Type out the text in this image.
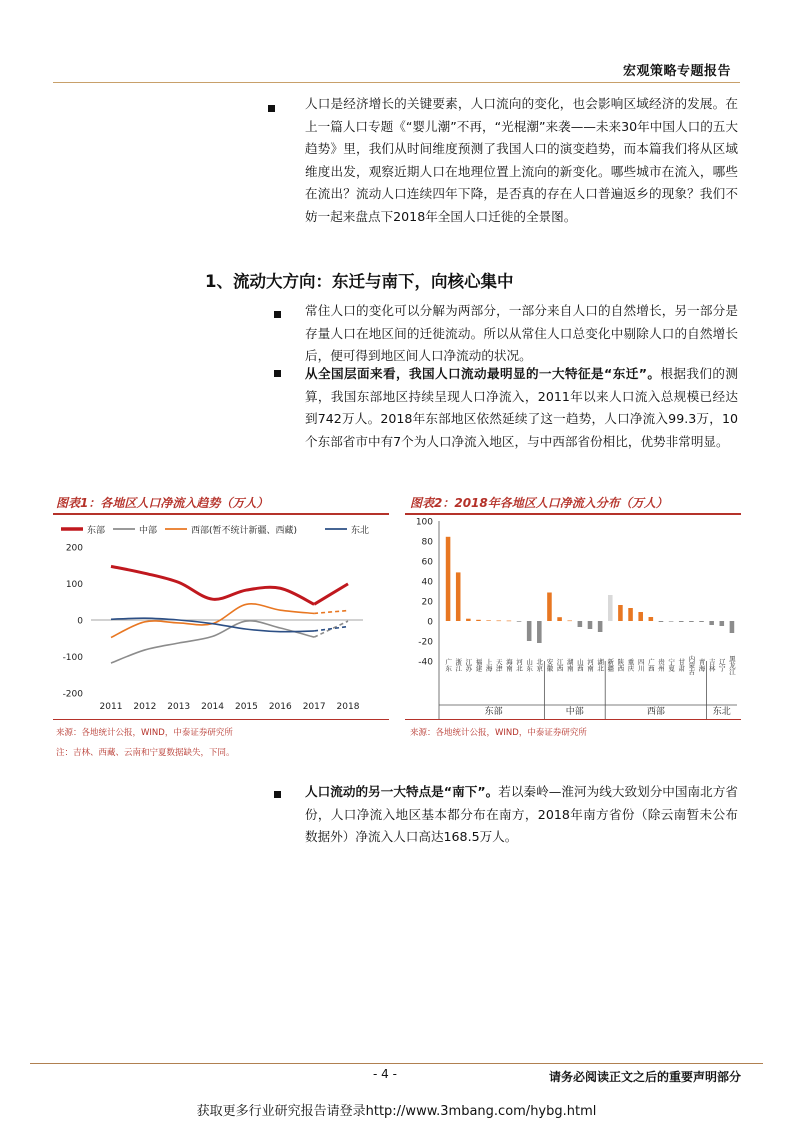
宏观策略专题报告
人口是经济增长的关键要素，人口流向的变化，也会影响区域经济的发展。在上一篇人口专题《“婴儿潮”不再，“光棍潮”来袭——未来30年中国人口的五大趋势》里，我们从时间维度预测了我国人口的演变趋势，而本篇我们将从区域维度出发，观察近期人口在地理位置上流向的新变化。哪些城市在流入，哪些在流出？流动人口连续四年下降，是否真的存在人口普遍返乡的现象？我们不妨一起来盘点下2018年全国人口迁徙的全景图。
1、流动大方向：东迁与南下，向核心集中
常住人口的变化可以分解为两部分，一部分来自人口的自然增长，另一部分是存量人口在地区间的迁徙流动。所以从常住人口总变化中剔除人口的自然增长后，便可得到地区间人口净流动的状况。
从全国层面来看，我国人口流动最明显的一大特征是“东迁”。根据我们的测算，我国东部地区持续呈现人口净流入，2011年以来人口流入总规模已经达到742万人。2018年东部地区依然延续了这一趋势，人口净流入99.3万，10个东部省市中有7个为人口净流入地区，与中西部省份相比，优势非常明显。
图表1：各地区人口净流入趋势（万人）
东部	中部	西部(暂不统计新疆、西藏)	东北
200
100
0
-100
-200
2011 2012 2013 2014 2015 2016 2017 2018
来源：各地统计公报，WIND，中泰证券研究所
注：吉林、西藏、云南和宁夏数据缺失，下同。
图表2：2018年各地区人口净流入分布（万人）
100
80
60
40
20
0
-20
-40 广东 浙江 江苏 福建 上海 天津 海南 河北 山东 北京 安徽 江西 湖南 山西 河南 湖北 新疆 陕西 重庆 四川 广西 贵州 宁夏 甘肃 内蒙古 青海 吉林 辽宁 黑龙江
东部	中部	西部	东北
来源：各地统计公报，WIND，中泰证券研究所
人口流动的另一大特点是“南下”。若以秦岭—淮河为线大致划分中国南北方省份，人口净流入地区基本都分布在南方，2018年南方省份（除云南暂未公布数据外）净流入人口高达168.5万人。
- 4 -	请务必阅读正文之后的重要声明部分
获取更多行业研究报告请登录http://www.3mbang.com/hybg.html
